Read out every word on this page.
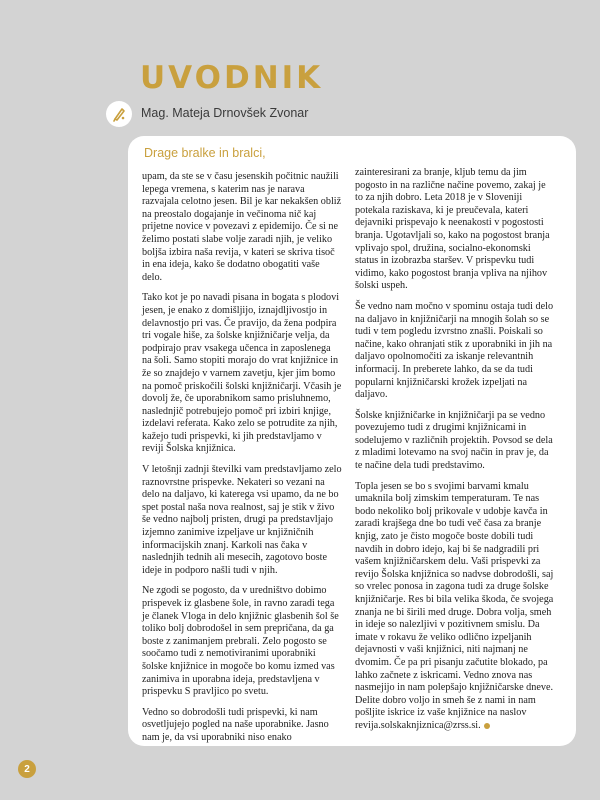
UVODNIK
Mag. Mateja Drnovšek Zvonar
Drage bralke in bralci,

upam, da ste se v času jesenskih počitnic naužili lepega vremena, s katerim nas je narava razvajala celotno jesen. Bil je kar nekakšen obliž na preostalo dogajanje in večinoma nič kaj prijetne novice v povezavi z epidemijo. Če si ne želimo postati slabe volje zaradi njih, je veliko boljša izbira naša revija, v kateri se skriva tisoč in ena ideja, kako še dodatno obogatiti vaše delo.

Tako kot je po navadi pisana in bogata s plodovi jesen, je enako z domišljijo, iznajdljivostjo in delavnostjo pri vas. Če pravijo, da žena podpira tri vogale hiše, za šolske knjižničarje velja, da podpirajo prav vsakega učenca in zaposlenega na šoli. Samo stopiti morajo do vrat knjižnice in že so znajdejo v varnem zavetju, kjer jim bomo na pomoč priskočili šolski knjižničarji. Včasih je dovolj že, če uporabnikom samo prisluhnemo, naslednjič potrebujejo pomoč pri izbiri knjige, izdelavi referata. Kako zelo se potrudite za njih, kažejo tudi prispevki, ki jih predstavljamo v reviji Šolska knjižnica.

V letošnji zadnji številki vam predstavljamo zelo raznovrstne prispevke. Nekateri so vezani na delo na daljavo, ki katerega vsi upamo, da ne bo spet postal naša nova realnost, saj je stik v živo še vedno najbolj pristen, drugi pa predstavljajo izjemno zanimive izpeljave ur knjižničnih informacijskih znanj. Karkoli nas čaka v naslednjih tednih ali mesecih, zagotovo boste ideje in podporo našli tudi v njih.

Ne zgodi se pogosto, da v uredništvo dobimo prispevek iz glasbene šole, in ravno zaradi tega je članek Vloga in delo knjižnic glasbenih šol še toliko bolj dobrodošel in sem prepričana, da ga boste z zanimanjem prebrali. Zelo pogosto se soočamo tudi z nemotiviranimi uporabniki šolske knjižnice in mogoče bo komu izmed vas zanimiva in uporabna ideja, predstavljena v prispevku S pravljico po svetu.

Vedno so dobrodošli tudi prispevki, ki nam osvetljujejo pogled na naše uporabnike. Jasno nam je, da vsi uporabniki niso enako

zainteresirani za branje, kljub temu da jim pogosto in na različne načine povemo, zakaj je to za njih dobro. Leta 2018 je v Sloveniji potekala raziskava, ki je preučevala, kateri dejavniki prispevajo k neenakosti v pogostosti branja. Ugotavljali so, kako na pogostost branja vplivajo spol, družina, socialno-ekonomski status in izobrazba staršev. V prispevku tudi vidimo, kako pogostost branja vpliva na njihov šolski uspeh.

Še vedno nam močno v spominu ostaja tudi delo na daljavo in knjižničarji na mnogih šolah so se tudi v tem pogledu izvrstno znašli. Poiskali so načine, kako ohranjati stik z uporabniki in jih na daljavo opolnomočiti za iskanje relevantnih informacij. In preberete lahko, da se da tudi popularni knjižničarski krožek izpeljati na daljavo.

Šolske knjižničarke in knjižničarji pa se vedno povezujemo tudi z drugimi knjižnicami in sodelujemo v različnih projektih. Povsod se dela z mladimi lotevamo na svoj način in prav je, da te načine dela tudi predstavimo.

Topla jesen se bo s svojimi barvami kmalu umaknila bolj zimskim temperaturam. Te nas bodo nekoliko bolj prikovale v udobje kavča in zaradi krajšega dne bo tudi več časa za branje knjig, zato je čisto mogoče boste dobili tudi navdih in dobro idejo, kaj bi še nadgradili pri vašem knjižničarskem delu. Vaši prispevki za revijo Šolska knjižnica so nadvse dobrodošli, saj so vrelec ponosa in zagona tudi za druge šolske knjižničarje. Res bi bila velika škoda, če svojega znanja ne bi širili med druge. Dobra volja, smeh in ideje so nalezljivi v pozitivnem smislu. Da imate v rokavu že veliko odlično izpeljanih dejavnosti v vaši knjižnici, niti najmanj ne dvomim. Če pa pri pisanju začutite blokado, pa lahko začnete z iskricami. Vedno znova nas nasmejijo in nam polepšajo knjižničarske dneve. Delite dobro voljo in smeh še z nami in nam pošljite iskrice iz vaše knjižnice na naslov revija.solskaknjiznica@zrss.si.

2
